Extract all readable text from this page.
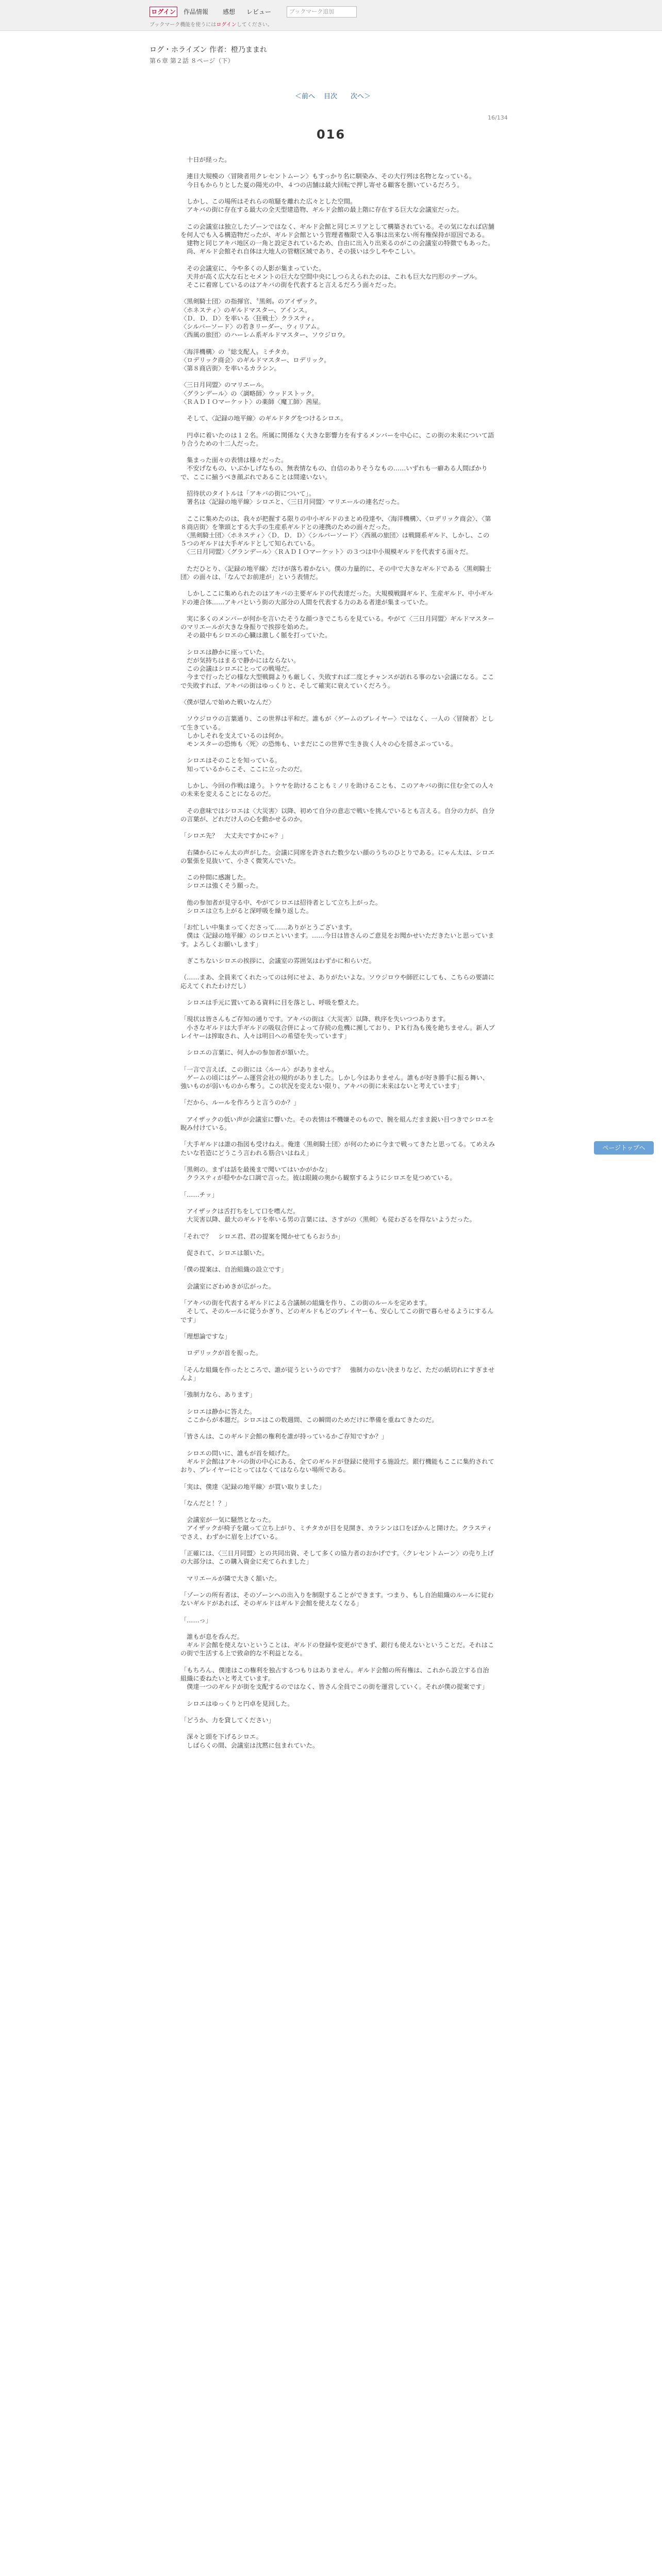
ログイン 作品情報 感想 レビュー	ブックマーク追加
ブックマーク機能を使うにはログインしてください。
ログ・ホライズン 作者：橙乃ままれ
第６章 第２話 ８ページ（下）
＜前へ 目次 次へ＞
16/134
016

　十日が経った。

　連日大規模の〈冒険者用クレセントムーン〉もすっかり名に馴染み、その大行列は名物となっている。

　今日もからりとした夏の陽光の中、４つの店舗は最大回転で押し寄せる顧客を捌いているだろう。

　しかし、この場所はそれらの喧騒を離れた広々とした空間。

　アキバの街に存在する最大の全天型建造物、ギルド会館の最上階に存在する巨大な会議室だった。

　この会議室は独立したゾーンではなく、ギルド会館と同じエリアとして構築されている。その気になれば店舗を何人でも入る構造物だったが、ギルド会館という管理者権限で入る事は出来ない所有権保持が原因である。

　建物と同じアキバ地区の一角と設定されているため、自由に出入り出来るのがこの会議室の特徴でもあった。

　尚、ギルド会館それ自体は大地人の管轄区域であり、その扱いは少しややこしい。

　その会議室に、今や多くの人影が集まっていた。

　天井が高く広大な石とセメントの巨大な空間中央にしつらえられたのは、これも巨大な円形のテーブル。

　そこに着席しているのはアキバの街を代表すると言えるだろう面々だった。

〈黒剣騎士団〉の指揮官、〝黒剣〟のアイザック。

〈ホネスティ〉のギルドマスター、アインス。

〈Ｄ．Ｄ．Ｄ〉を率いる〈狂戦士〉クラスティ。

〈シルバーソード〉の若きリーダー、ウィリアム。

〈西風の旅団〉のハーレム系ギルドマスター、ソウジロウ。

〈海洋機構〉の〝総支配人〟ミチタカ。

〈ロデリック商会〉のギルドマスター、ロデリック。

〈第８商店街〉を率いるカラシン。

〈三日月同盟〉のマリエール。

〈グランデール〉の〈調略師〉ウッドストック。

〈ＲＡＤＩＯマーケット〉の薬師〈魔工師〉茜屋。

　そして、〈記録の地平線〉のギルドタグをつけるシロエ。

　円卓に着いたのは１２名。所属に関係なく大きな影響力を有するメンバーを中心に、この街の未来について語り合うための十二人だった。

　集まった面々の表情は様々だった。

　不安げなもの、いぶかしげなもの、無表情なもの、自信のありそうなもの……いずれも一癖ある人間ばかりで、ここに揃うべき顔ぶれであることは間違いない。

　招待状のタイトルは「アキバの街について」。

　署名は〈記録の地平線〉シロエと、〈三日月同盟〉マリエールの連名だった。

　ここに集めたのは、我々が把握する限りの中小ギルドのまとめ役達や、〈海洋機構〉、〈ロデリック商会〉、〈第８商店街〉を筆頭とする大手の生産系ギルドとの連携のための面々だった。

　〈黒剣騎士団〉〈ホネスティ〉〈Ｄ．Ｄ．Ｄ〉〈シルバーソード〉〈西風の旅団〉は戦闘系ギルド、しかし、この５つのギルドは大手ギルドとして知られている。

　〈三日月同盟〉〈グランデール〉〈ＲＡＤＩＯマーケット〉の３つは中小規模ギルドを代表する面々だ。

　ただひとり、〈記録の地平線〉だけが落ち着かない。僕の力量的に、その中で大きなギルドである〈黒剣騎士団〉の面々は、「なんでお前達が」という表情だ。

　しかしここに集められたのはアキバの主要ギルドの代表達だった。大規模戦闘ギルド、生産ギルド、中小ギルドの連合体……アキバという街の大部分の人間を代表する力のある者達が集まっていた。

　実に多くのメンバーが何かを言いたそうな顔つきでこちらを見ている。やがて〈三日月同盟〉ギルドマスターのマリエールが大きな身振りで挨拶を始めた。

　その最中もシロエの心臓は激しく脈を打っていた。

　シロエは静かに座っていた。

　だが気持ちはまるで静かにはならない。

　この会議はシロエにとっての戦場だ。

　今まで行ったどの様な大型戦闘よりも厳しく、失敗すれば二度とチャンスが訪れる事のない会議になる。ここで失敗すれば、アキバの街はゆっくりと、そして確実に衰えていくだろう。

〈僕が望んで始めた戦いなんだ〉

　ソウジロウの言葉通り、この世界は平和だ。誰もが〈ゲームのプレイヤー〉ではなく、一人の〈冒険者〉として生きている。

　しかしそれを支えているのは何か。

　モンスターの恐怖も〈死〉の恐怖も、いまだにこの世界で生き抜く人々の心を揺さぶっている。

　シロエはそのことを知っている。

　知っているからこそ、ここに立ったのだ。

　しかし、今回の作戦は違う。トウヤを助けることもミノリを助けることも、このアキバの街に住む全ての人々の未来を変えることになるのだ。

　その意味ではシロエは〈大災害〉以降、初めて自分の意志で戦いを挑んでいるとも言える。自分の力が、自分の言葉が、どれだけ人の心を動かせるのか。

「シロエ先？　大丈夫ですかにゃ？」

　右隣からにゃん太の声がした。会議に同席を許された数少ない顔のうちのひとりである。にゃん太は、シロエの緊張を見抜いて、小さく微笑んでいた。

　この仲間に感謝した。

　シロエは強くそう願った。

　他の参加者が見守る中、やがてシロエは招待者として立ち上がった。

　シロエは立ち上がると深呼吸を繰り返した。

「お忙しい中集まってくださって……ありがとうございます。

　僕は〈記録の地平線〉のシロエといいます。……今日は皆さんのご意見をお聞かせいただきたいと思っています。よろしくお願いします」

　ぎこちないシロエの挨拶に、会議室の雰囲気はわずかに和らいだ。

（……まあ、全員来てくれたってのは何にせよ、ありがたいよな。ソウジロウや師匠にしても、こちらの要請に応えてくれたわけだし）

　シロエは手元に置いてある資料に目を落とし、呼吸を整えた。

「現状は皆さんもご存知の通りです。アキバの街は〈大災害〉以降、秩序を失いつつあります。

　小さなギルドは大手ギルドの吸収合併によって存続の危機に瀕しており、ＰＫ行為も後を絶ちません。新人プレイヤーは搾取され、人々は明日への希望を失っています」

　シロエの言葉に、何人かの参加者が頷いた。

「一言で言えば、この街には〈ルール〉がありません。

　ゲームの頃にはゲーム運営会社の規約がありました。しかし今はありません。誰もが好き勝手に振る舞い、強いものが弱いものから奪う。この状況を変えない限り、アキバの街に未来はないと考えています」

「だから、ルールを作ろうと言うのか？」

　アイザックの低い声が会議室に響いた。その表情は不機嫌そのもので、腕を組んだまま鋭い目つきでシロエを睨み付けている。

「大手ギルドは誰の指図も受けねえ。俺達〈黒剣騎士団〉が何のために今まで戦ってきたと思ってる。てめえみたいな若造にどうこう言われる筋合いはねえ」

「黒剣の。まずは話を最後まで聞いてはいかがかな」

　クラスティが穏やかな口調で言った。彼は眼鏡の奥から観察するようにシロエを見つめている。

「……チッ」

　アイザックは舌打ちをして口を噤んだ。

　大災害以降、最大のギルドを率いる男の言葉には、さすがの〈黒剣〉も従わざるを得ないようだった。

「それで？　シロエ君、君の提案を聞かせてもらおうか」

　促されて、シロエは頷いた。

「僕の提案は、自治組織の設立です」

　会議室にざわめきが広がった。

「アキバの街を代表するギルドによる合議制の組織を作り、この街のルールを定めます。

　そして、そのルールに従うかぎり、どのギルドもどのプレイヤーも、安心してこの街で暮らせるようにするんです」

「理想論ですな」

　ロデリックが首を振った。

「そんな組織を作ったところで、誰が従うというのです？　強制力のない決まりなど、ただの紙切れにすぎませんよ」

「強制力なら、あります」

　シロエは静かに答えた。

　ここからが本題だ。シロエはこの数週間、この瞬間のためだけに準備を重ねてきたのだ。

「皆さんは、このギルド会館の権利を誰が持っているかご存知ですか？」

　シロエの問いに、誰もが首を傾げた。

　ギルド会館はアキバの街の中心にある、全てのギルドが登録に使用する施設だ。銀行機能もここに集約されており、プレイヤーにとってはなくてはならない場所である。

「実は、僕達〈記録の地平線〉が買い取りました」

「なんだと！？」

　会議室が一気に騒然となった。

　アイザックが椅子を蹴って立ち上がり、ミチタカが目を見開き、カラシンは口をぽかんと開けた。クラスティでさえ、わずかに眉を上げている。

「正確には、〈三日月同盟〉との共同出資、そして多くの協力者のおかげです。〈クレセントムーン〉の売り上げの大部分は、この購入資金に充てられました」

　マリエールが隣で大きく頷いた。

「ゾーンの所有者は、そのゾーンへの出入りを制限することができます。つまり、もし自治組織のルールに従わないギルドがあれば、そのギルドはギルド会館を使えなくなる」

「……っ」

　誰もが息を呑んだ。

　ギルド会館を使えないということは、ギルドの登録や変更ができず、銀行も使えないということだ。それはこの街で生活する上で致命的な不利益となる。

「もちろん、僕達はこの権利を独占するつもりはありません。ギルド会館の所有権は、これから設立する自治組織に委ねたいと考えています。

　僕達一つのギルドが街を支配するのではなく、皆さん全員でこの街を運営していく。それが僕の提案です」

　シロエはゆっくりと円卓を見回した。

「どうか、力を貸してください」

　深々と頭を下げるシロエ。

　しばらくの間、会議室は沈黙に包まれていた。

ページトップへ
